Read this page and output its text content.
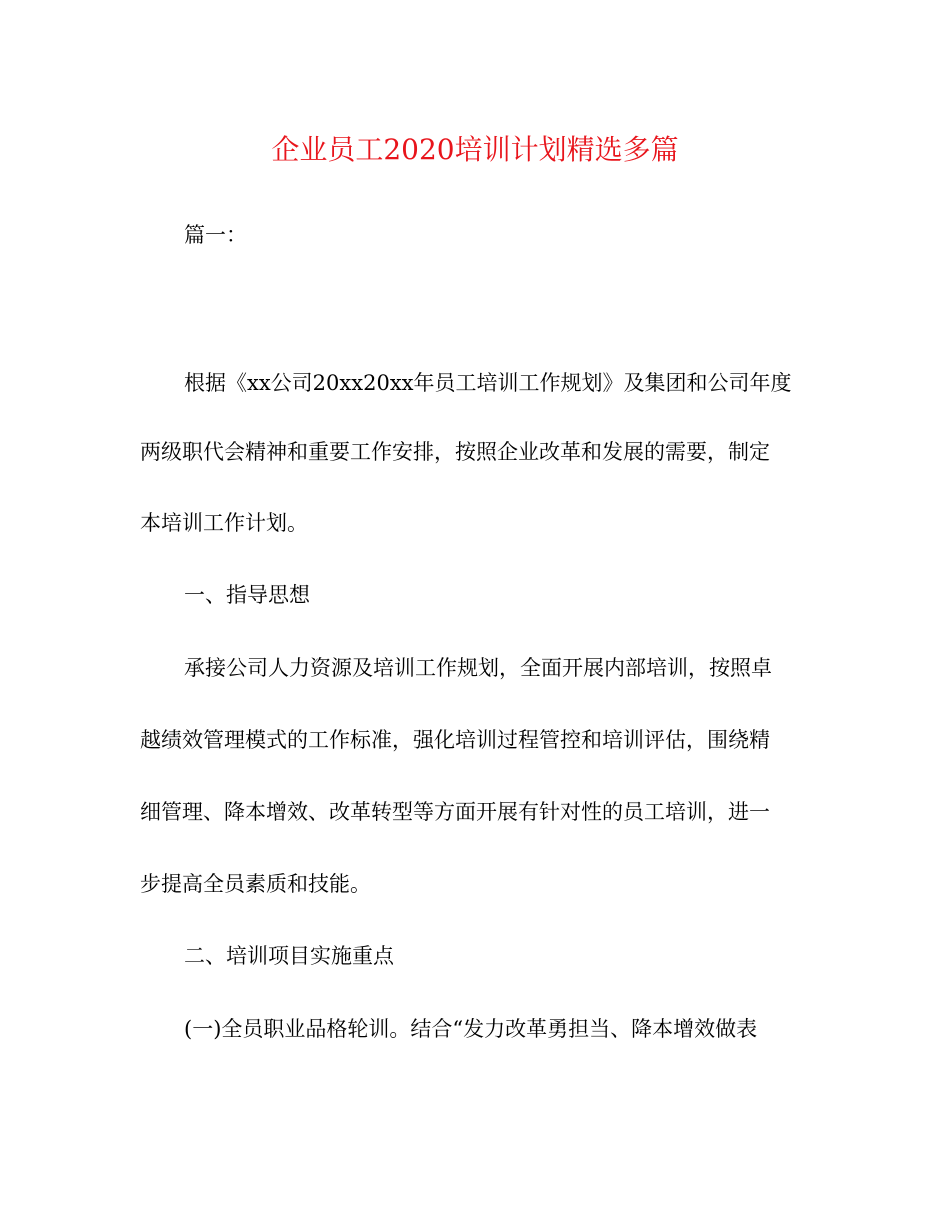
企业员工2020培训计划精选多篇
篇一：
根据《xx公司20xx20xx年员工培训工作规划》及集团和公司年度
两级职代会精神和重要工作安排，按照企业改革和发展的需要，制定
本培训工作计划。
一、指导思想
承接公司人力资源及培训工作规划，全面开展内部培训，按照卓
越绩效管理模式的工作标准，强化培训过程管控和培训评估，围绕精
细管理、降本增效、改革转型等方面开展有针对性的员工培训，进一
步提高全员素质和技能。
二、培训项目实施重点
(一)全员职业品格轮训。结合“发力改革勇担当、降本增效做表
